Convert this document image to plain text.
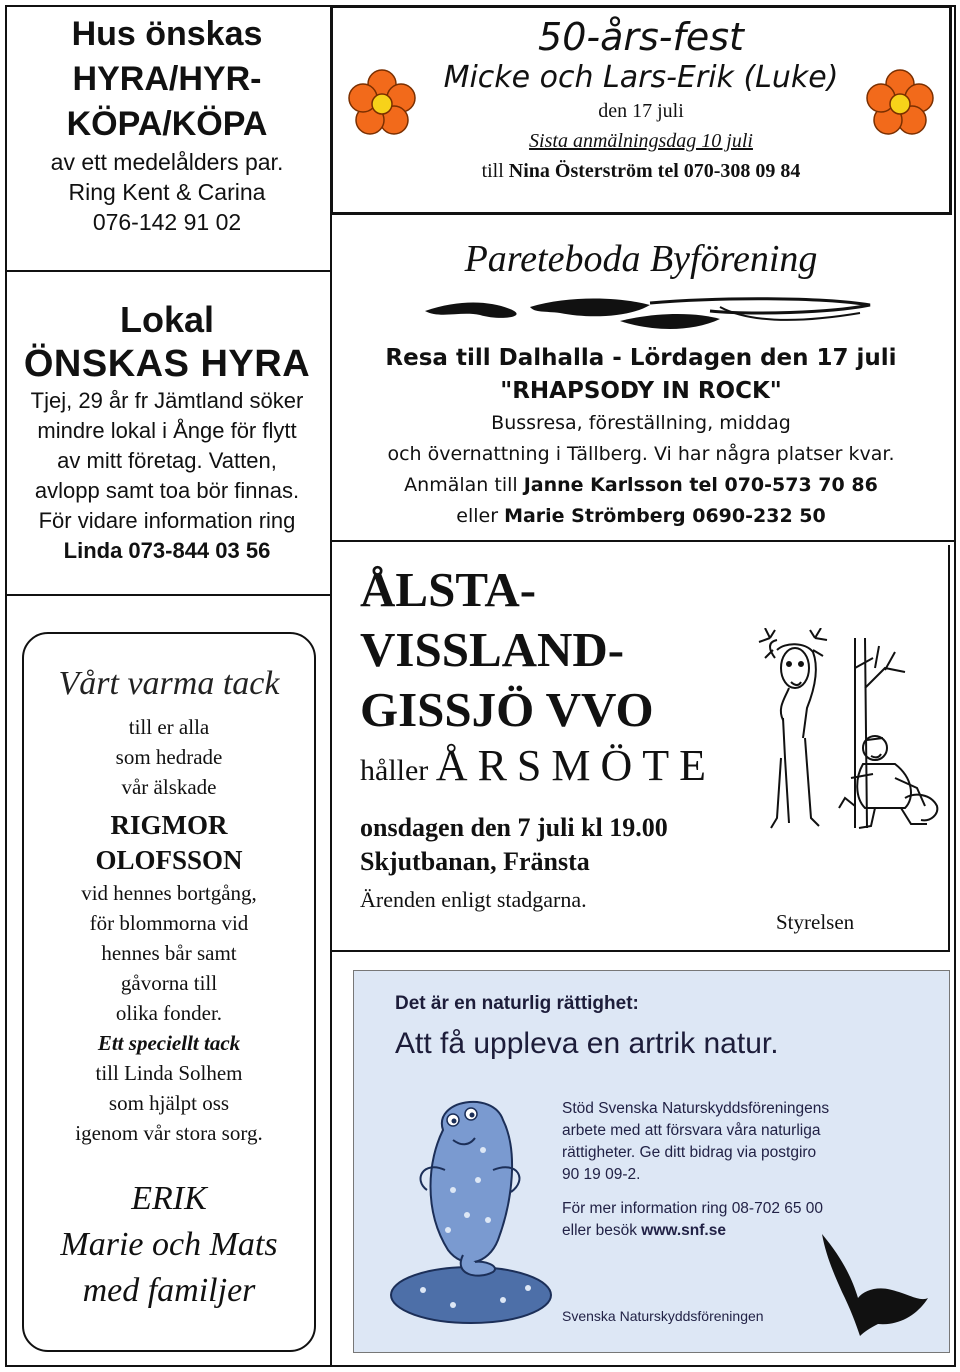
Hus önskas
HYRA/HYR-
KÖPA/KÖPA
av ett medelålders par.
Ring Kent & Carina
076-142 91 02
Lokal
ÖNSKAS HYRA
Tjej, 29 år fr Jämtland söker
mindre lokal i Ånge för flytt
av mitt företag. Vatten,
avlopp samt toa bör finnas.
För vidare information ring
Linda 073-844 03 56
Vårt varma tack
till er alla
som hedrade
vår älskade
RIGMOR
OLOFSSON
vid hennes bortgång,
för blommorna vid
hennes bår samt
gåvorna till
olika fonder.
Ett speciellt tack
till Linda Solhem
som hjälpt oss
igenom vår stora sorg.
ERIK
Marie och Mats
med familjer
50-års-fest
Micke och Lars-Erik (Luke)
den 17 juli
Sista anmälningsdag 10 juli
till Nina Österström tel 070-308 09 84
Pareteboda Byförening
Resa till Dalhalla - Lördagen den 17 juli
"RHAPSODY IN ROCK"
Bussresa, föreställning, middag
och övernattning i Tällberg. Vi har några platser kvar.
Anmälan till Janne Karlsson tel 070-573 70 86
eller Marie Strömberg 0690-232 50
ÅLSTA-VISSLAND-
GISSJÖ VVO
håller ÅRSMÖTE
onsdagen den 7 juli kl 19.00
Skjutbanan, Fränsta
Ärenden enligt stadgarna.
Styrelsen
Det är en naturlig rättighet:
Att få uppleva en artrik natur.
Stöd Svenska Naturskyddsföreningens
arbete med att försvara våra naturliga
rättigheter. Ge ditt bidrag via postgiro
90 19 09-2.
För mer information ring 08-702 65 00
eller besök www.snf.se
Svenska Naturskyddsföreningen
